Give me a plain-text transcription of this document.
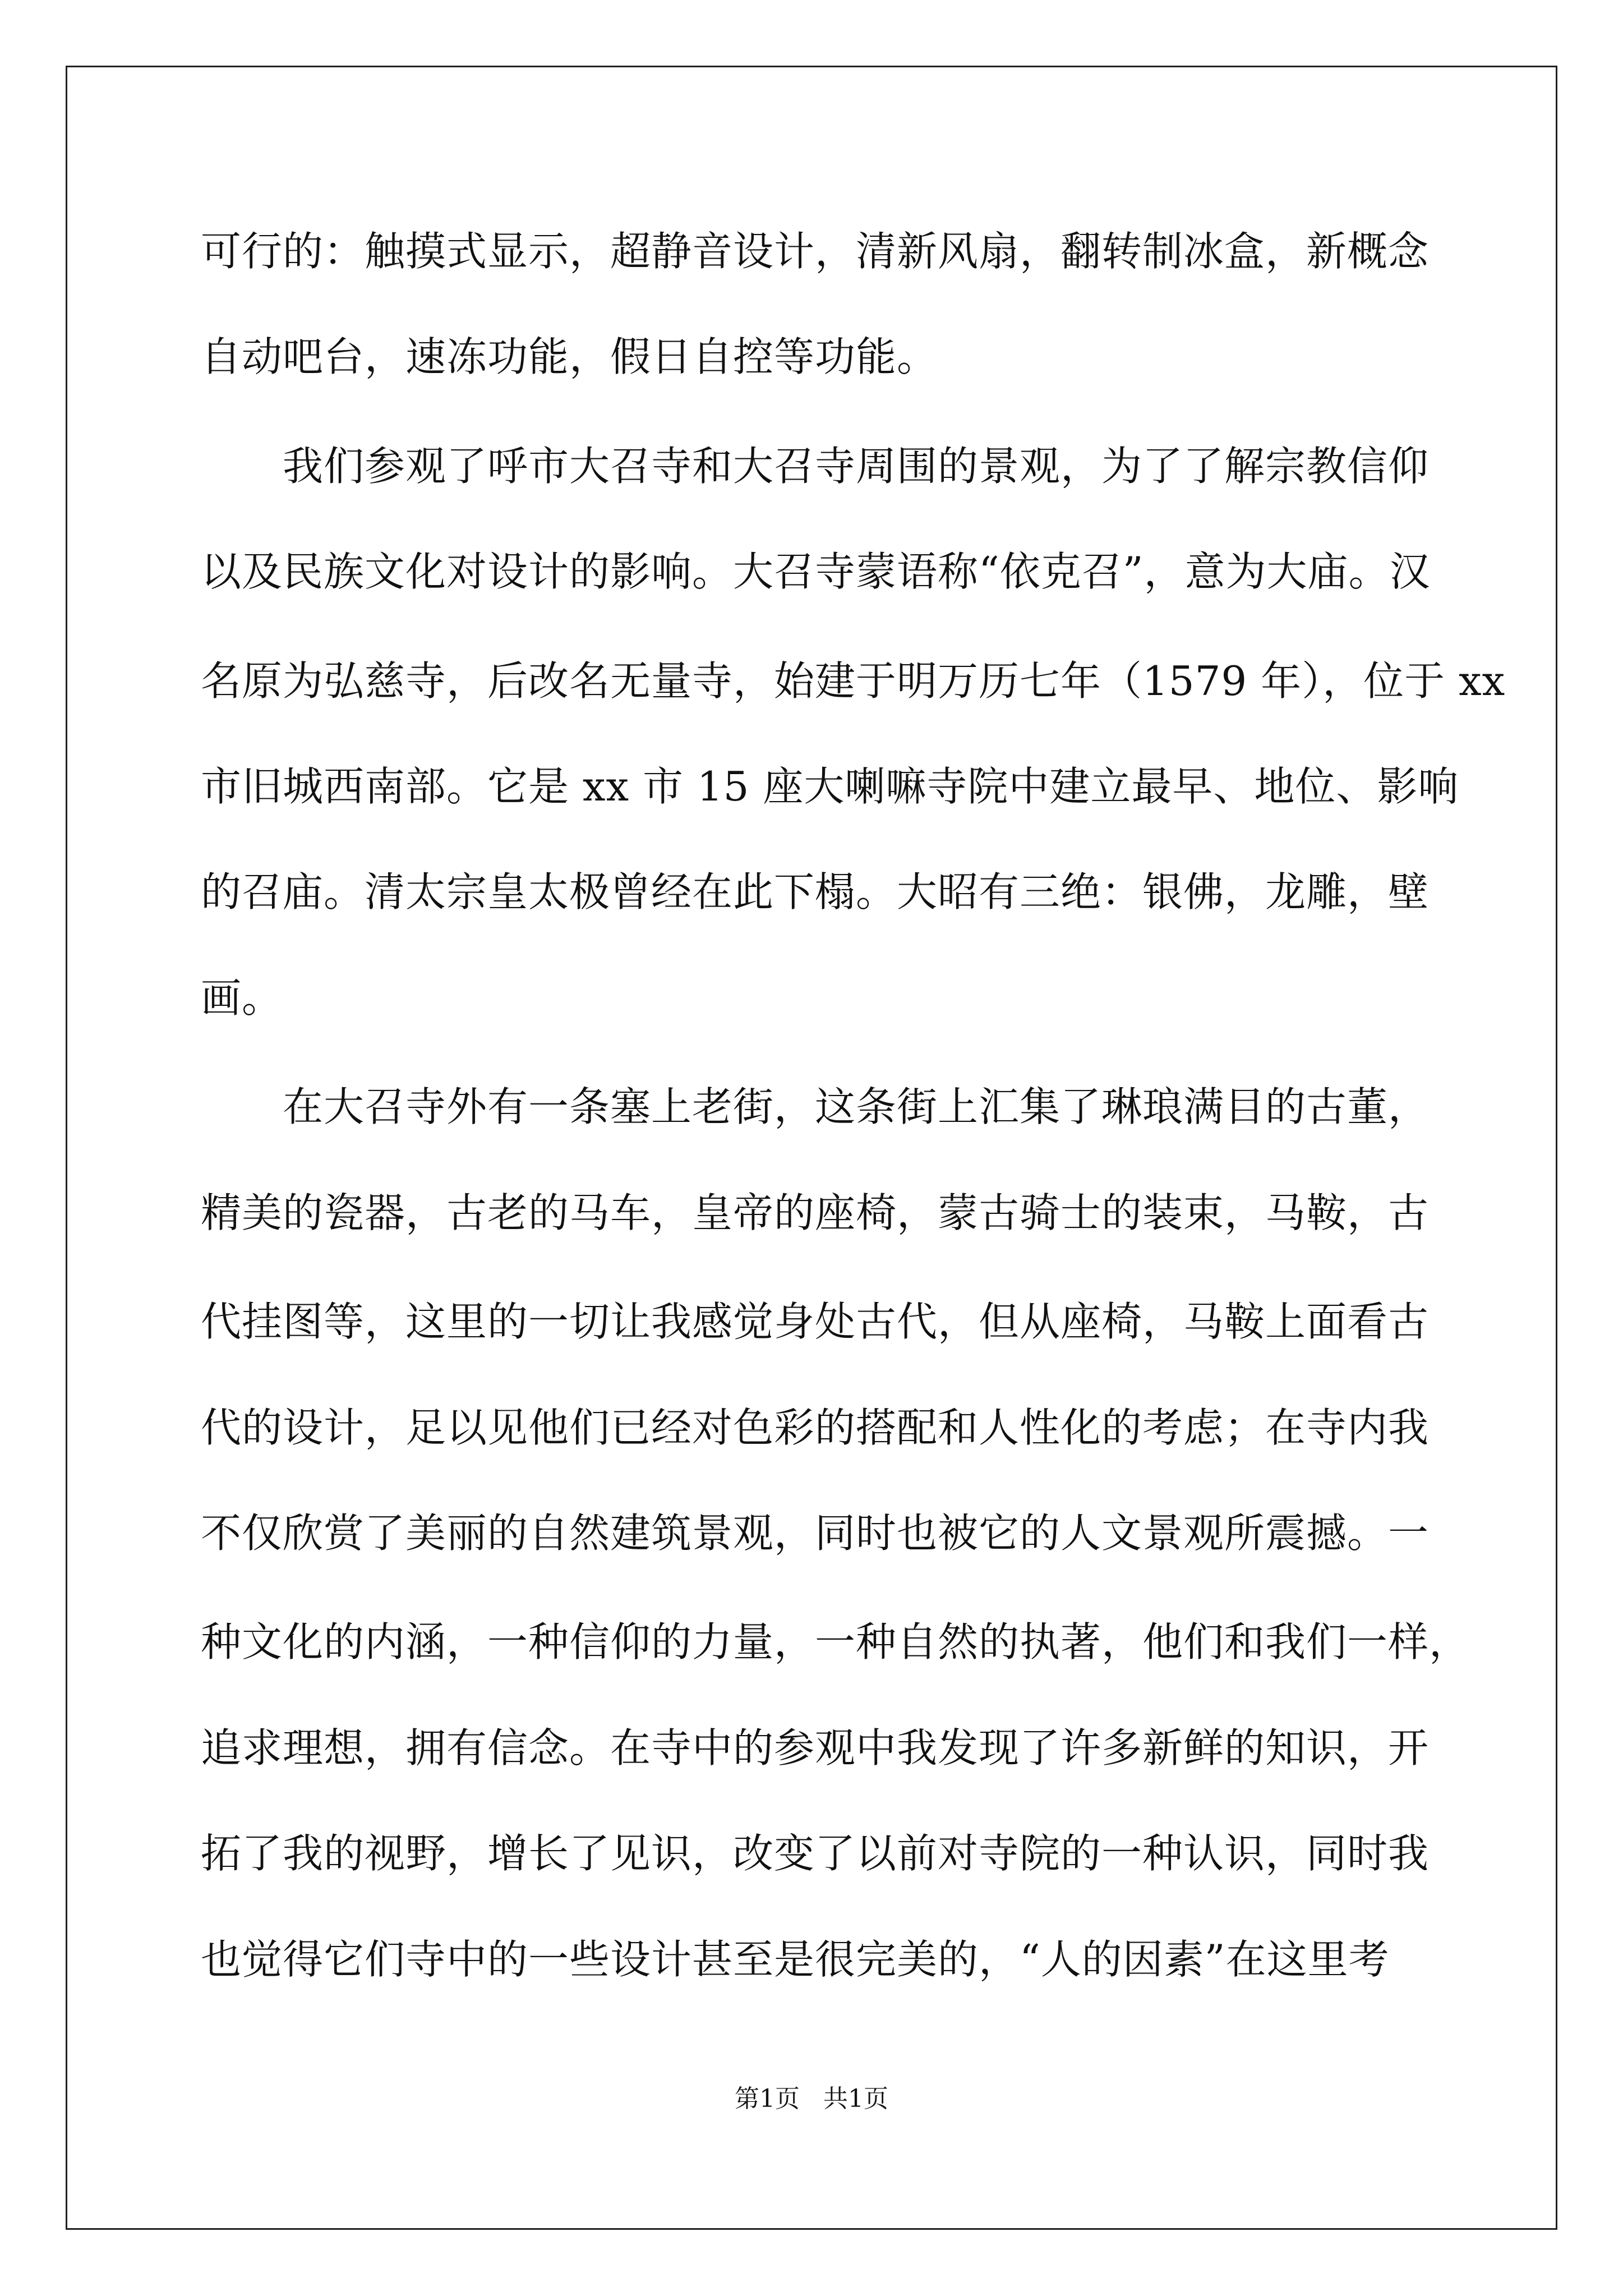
可行的：触摸式显示，超静音设计，清新风扇，翻转制冰盒，新概念
自动吧台，速冻功能，假日自控等功能。
　　我们参观了呼市大召寺和大召寺周围的景观，为了了解宗教信仰
以及民族文化对设计的影响。大召寺蒙语称“依克召”，意为大庙。汉
名原为弘慈寺，后改名无量寺，始建于明万历七年（1579 年），位于 xx
市旧城西南部。它是 xx 市 15 座大喇嘛寺院中建立最早、地位、影响
的召庙。清太宗皇太极曾经在此下榻。大昭有三绝：银佛，龙雕，壁
画。
　　在大召寺外有一条塞上老街，这条街上汇集了琳琅满目的古董，
精美的瓷器，古老的马车，皇帝的座椅，蒙古骑士的装束，马鞍，古
代挂图等，这里的一切让我感觉身处古代，但从座椅，马鞍上面看古
代的设计，足以见他们已经对色彩的搭配和人性化的考虑；在寺内我
不仅欣赏了美丽的自然建筑景观，同时也被它的人文景观所震撼。一
种文化的内涵，一种信仰的力量，一种自然的执著，他们和我们一样，
追求理想，拥有信念。在寺中的参观中我发现了许多新鲜的知识，开
拓了我的视野，增长了见识，改变了以前对寺院的一种认识，同时我
也觉得它们寺中的一些设计甚至是很完美的，“人的因素”在这里考
第1页   共1页
